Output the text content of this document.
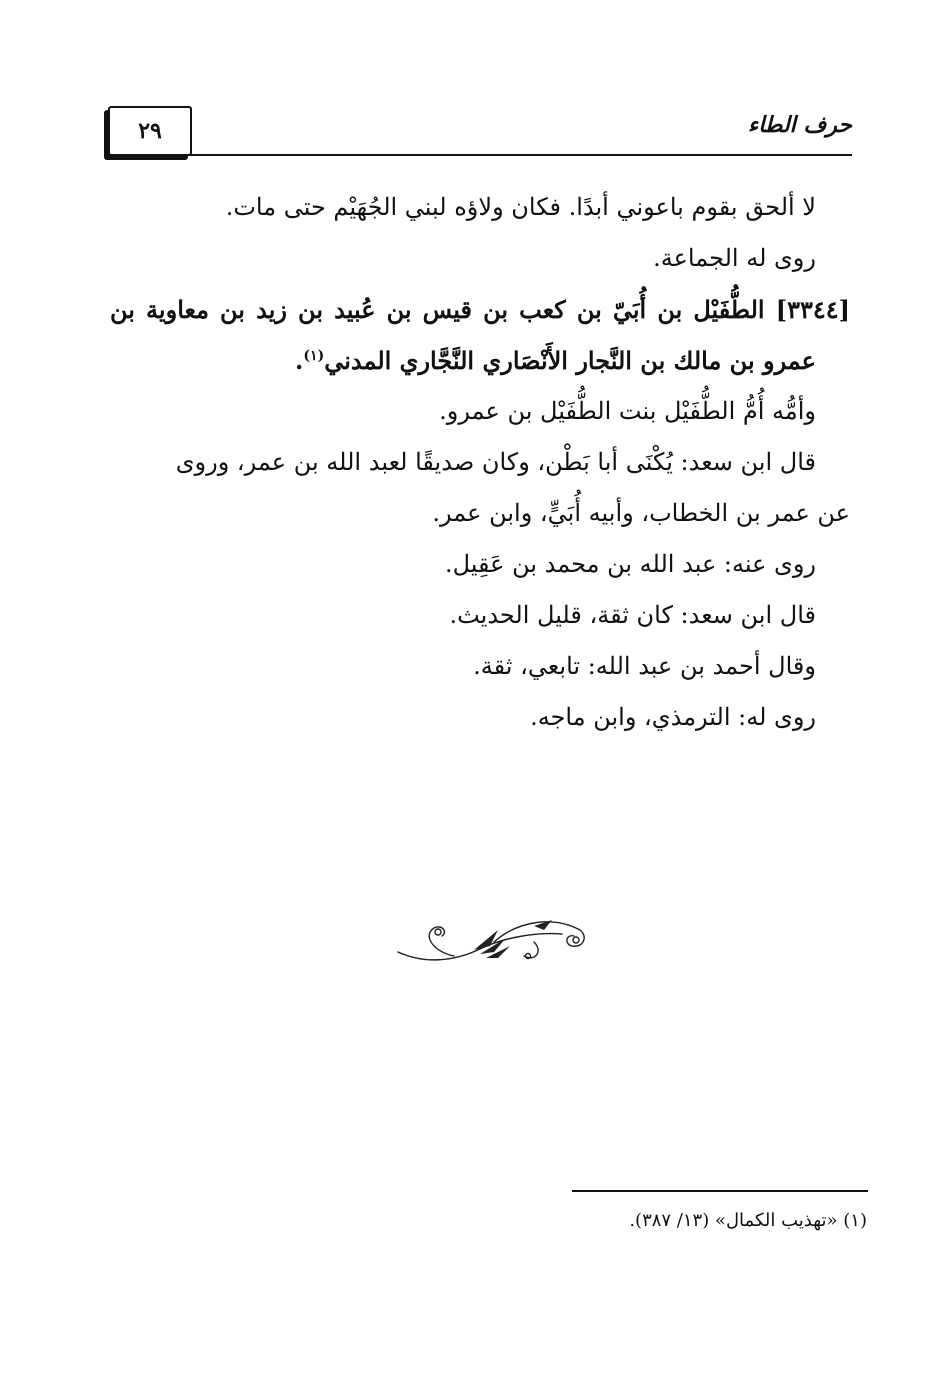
٢٩	حرف الطاء
لا ألحق بقوم باعوني أبدًا. فكان ولاؤه لبني الجُهَيْم حتى مات.
روى له الجماعة.
[٣٣٤٤] الطُّفَيْل بن أُبَيّ بن كعب بن قيس بن عُبيد بن زيد بن معاوية بن
عمرو بن مالك بن النَّجار الأَنْصَاري النَّجَّاري المدني$^{(١)}$.
وأمُّه أُمُّ الطُّفَيْل بنت الطُّفَيْل بن عمرو.
قال ابن سعد: يُكْنَى أبا بَطْن، وكان صديقًا لعبد الله بن عمر، وروى
عن عمر بن الخطاب، وأبيه أُبَيٍّ، وابن عمر.
روى عنه: عبد الله بن محمد بن عَقِيل.
قال ابن سعد: كان ثقة، قليل الحديث.
وقال أحمد بن عبد الله: تابعي، ثقة.
روى له: الترمذي، وابن ماجه.
(١) «تهذيب الكمال» (١٣/ ٣٨٧).
